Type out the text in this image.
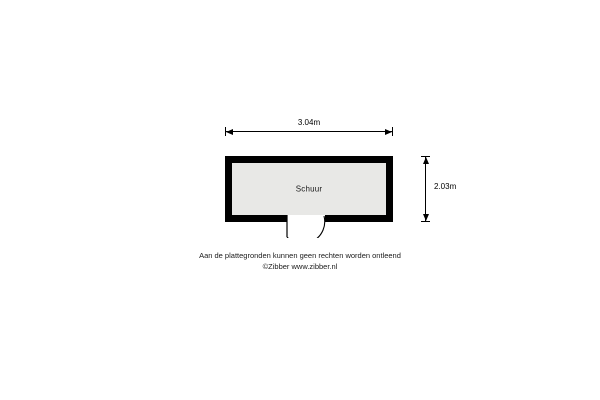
3.04m
Schuur	2.03m
Aan de plattegronden kunnen geen rechten worden ontleend
©Zibber www.zibber.nl
